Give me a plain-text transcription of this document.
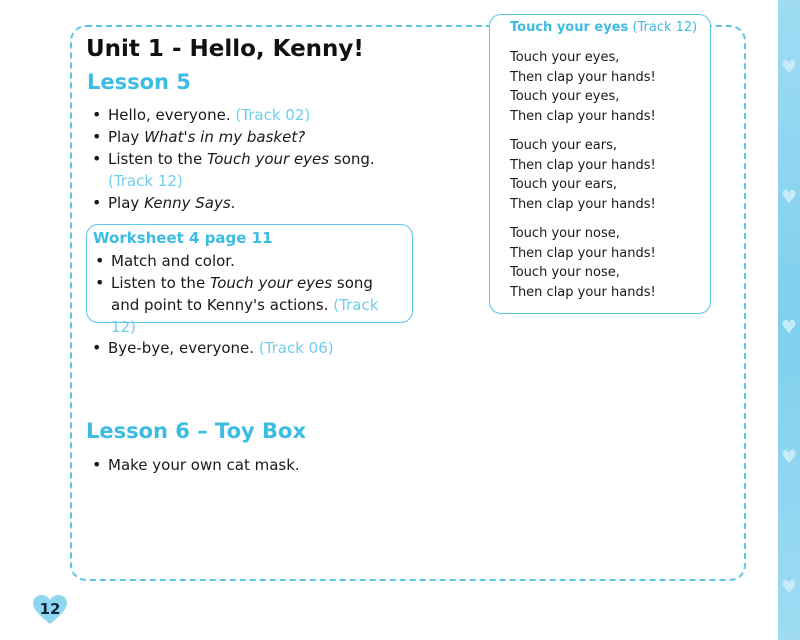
♥
♥
♥
♥
♥
Unit 1 - Hello, Kenny!
Lesson 5
• Hello, everyone. (Track 02)
• Play What's in my basket?
• Listen to the Touch your eyes song.
(Track 12)
• Play Kenny Says.
Worksheet 4 page 11
• Match and color.
• Listen to the Touch your eyes song and point to Kenny's actions. (Track 12)
• Bye-bye, everyone. (Track 06)
Lesson 6 – Toy Box
• Make your own cat mask.

Touch your eyes (Track 12)

Touch your eyes,
Then clap your hands!
Touch your eyes,
Then clap your hands!

Touch your ears,
Then clap your hands!
Touch your ears,
Then clap your hands!

Touch your nose,
Then clap your hands!
Touch your nose,
Then clap your hands!

12
